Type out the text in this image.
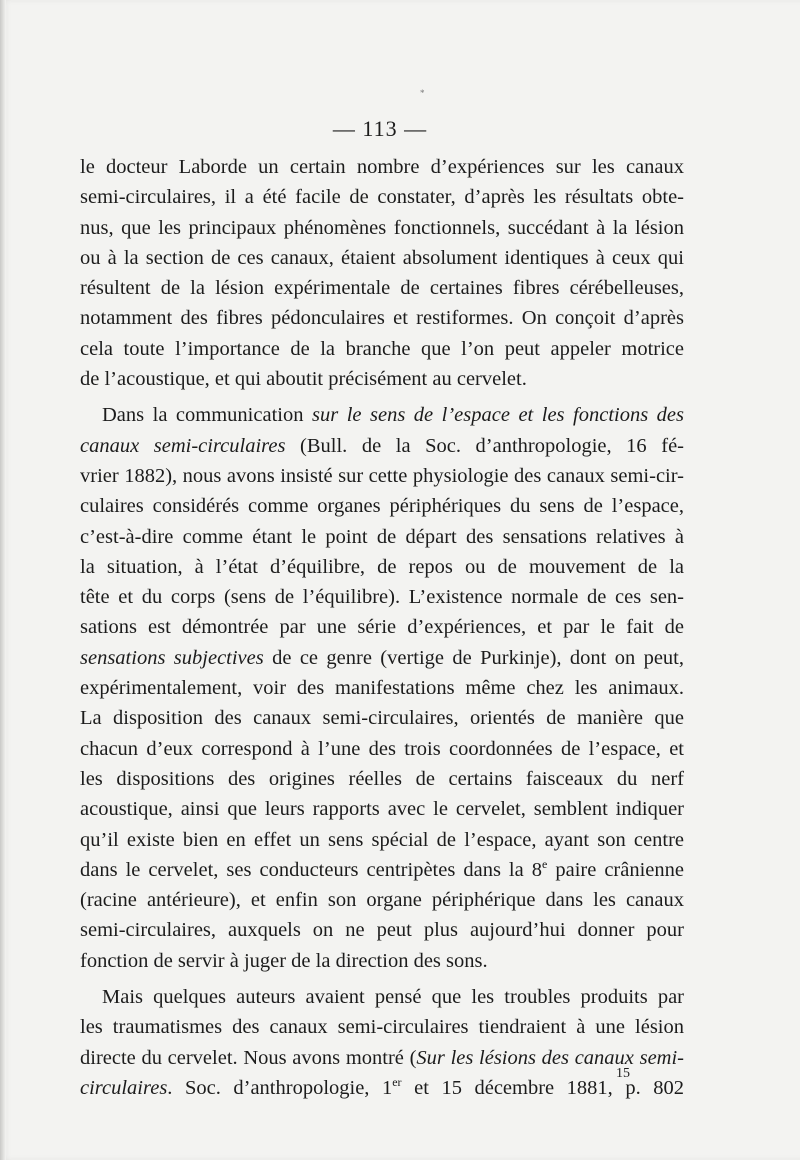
*
— 113 —
le docteur Laborde un certain nombre d’expériences sur les canaux
semi-circulaires, il a été facile de constater, d’après les résultats obte-
nus, que les principaux phénomènes fonctionnels, succédant à la lésion
ou à la section de ces canaux, étaient absolument identiques à ceux qui
résultent de la lésion expérimentale de certaines fibres cérébelleuses,
notamment des fibres pédonculaires et restiformes. On conçoit d’après
cela toute l’importance de la branche que l’on peut appeler motrice
de l’acoustique, et qui aboutit précisément au cervelet.
Dans la communication sur le sens de l’espace et les fonctions des
canaux semi-circulaires (Bull. de la Soc. d’anthropologie, 16 fé-
vrier 1882), nous avons insisté sur cette physiologie des canaux semi-cir-
culaires considérés comme organes périphériques du sens de l’espace,
c’est-à-dire comme étant le point de départ des sensations relatives à
la situation, à l’état d’équilibre, de repos ou de mouvement de la
tête et du corps (sens de l’équilibre). L’existence normale de ces sen-
sations est démontrée par une série d’expériences, et par le fait de
sensations subjectives de ce genre (vertige de Purkinje), dont on peut,
expérimentalement, voir des manifestations même chez les animaux.
La disposition des canaux semi-circulaires, orientés de manière que
chacun d’eux correspond à l’une des trois coordonnées de l’espace, et
les dispositions des origines réelles de certains faisceaux du nerf
acoustique, ainsi que leurs rapports avec le cervelet, semblent indiquer
qu’il existe bien en effet un sens spécial de l’espace, ayant son centre
dans le cervelet, ses conducteurs centripètes dans la 8e paire crânienne
(racine antérieure), et enfin son organe périphérique dans les canaux
semi-circulaires, auxquels on ne peut plus aujourd’hui donner pour
fonction de servir à juger de la direction des sons.
Mais quelques auteurs avaient pensé que les troubles produits par
les traumatismes des canaux semi-circulaires tiendraient à une lésion
directe du cervelet. Nous avons montré (Sur les lésions des canaux semi-
circulaires. Soc. d’anthropologie, 1er et 15 décembre 1881, p. 802
15
